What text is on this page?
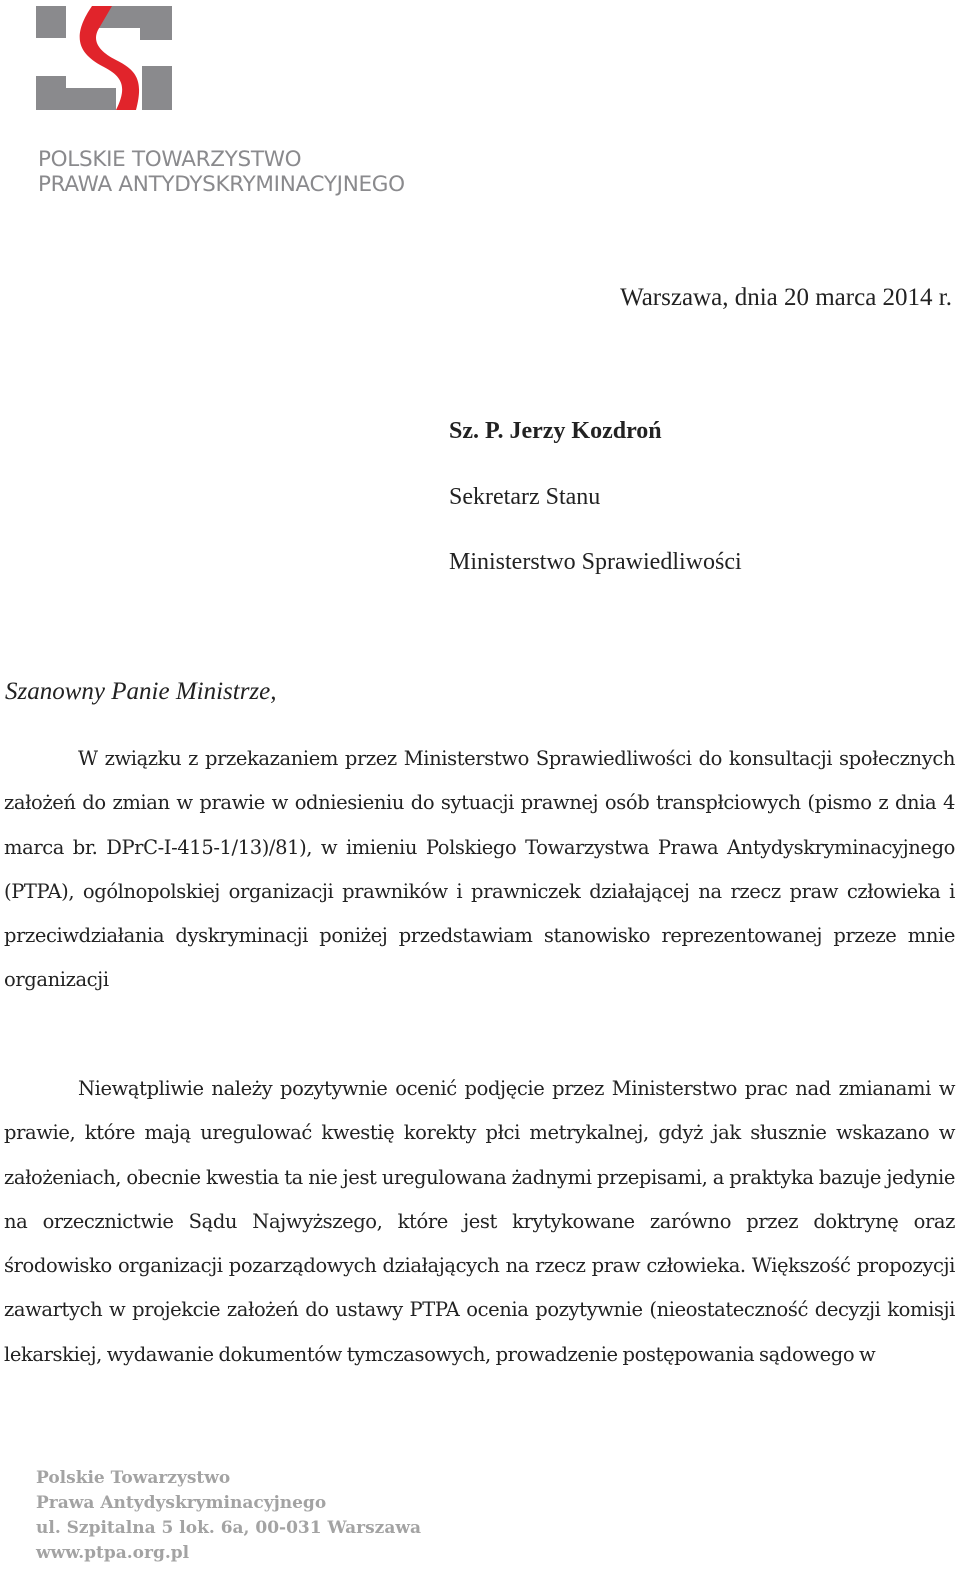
POLSKIE TOWARZYSTWO
PRAWA ANTYDYSKRYMINACYJNEGO
Warszawa, dnia 20 marca 2014 r.
Sz. P. Jerzy Kozdroń
Sekretarz Stanu
Ministerstwo Sprawiedliwości
Szanowny Panie Ministrze,

W związku z przekazaniem przez Ministerstwo Sprawiedliwości do konsultacji społecznych założeń do zmian w prawie w odniesieniu do sytuacji prawnej osób transpłciowych (pismo z dnia 4 marca br. DPrC-I-415-1/13)/81), w imieniu Polskiego Towarzystwa Prawa Antydyskryminacyjnego (PTPA), ogólnopolskiej organizacji prawników i prawniczek działającej na rzecz praw człowieka i przeciwdziałania dyskryminacji poniżej przedstawiam stanowisko reprezentowanej przeze mnie organizacji

Niewątpliwie należy pozytywnie ocenić podjęcie przez Ministerstwo prac nad zmianami w prawie, które mają uregulować kwestię korekty płci metrykalnej, gdyż jak słusznie wskazano w założeniach, obecnie kwestia ta nie jest uregulowana żadnymi przepisami, a praktyka bazuje jedynie na orzecznictwie Sądu Najwyższego, które jest krytykowane zarówno przez doktrynę oraz środowisko organizacji pozarządowych działających na rzecz praw człowieka. Większość propozycji zawartych w projekcie założeń do ustawy PTPA ocenia pozytywnie (nieostateczność decyzji komisji lekarskiej, wydawanie dokumentów tymczasowych, prowadzenie postępowania sądowego w

Polskie Towarzystwo
Prawa Antydyskryminacyjnego
ul. Szpitalna 5 lok. 6a, 00-031 Warszawa
www.ptpa.org.pl
